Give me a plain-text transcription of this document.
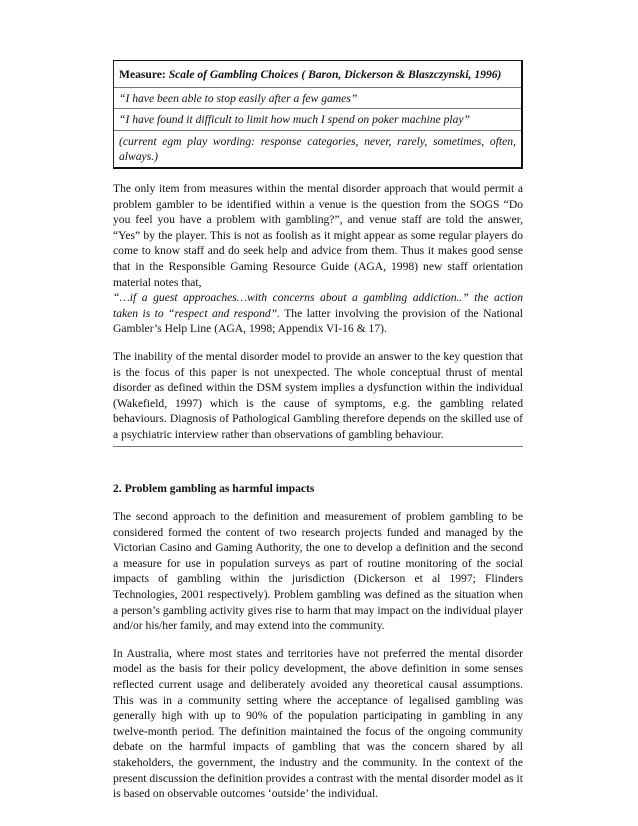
Measure: Scale of Gambling Choices ( Baron, Dickerson & Blaszczynski, 1996)
“I have been able to stop easily after a few games”
“I have found it difficult to limit how much I spend on poker machine play”
(current egm play wording: response categories, never, rarely, sometimes, often, always.)

The only item from measures within the mental disorder approach that would permit a problem gambler to be identified within a venue is the question from the SOGS “Do you feel you have a problem with gambling?”, and venue staff are told the answer, “Yes” by the player. This is not as foolish as it might appear as some regular players do come to know staff and do seek help and advice from them. Thus it makes good sense that in the Responsible Gaming Resource Guide (AGA, 1998) new staff orientation material notes that,
“…if a guest approaches…with concerns about a gambling addiction..” the action taken is to “respect and respond”. The latter involving the provision of the National Gambler’s Help Line (AGA, 1998; Appendix VI-16 & 17).

The inability of the mental disorder model to provide an answer to the key question that is the focus of this paper is not unexpected. The whole conceptual thrust of mental disorder as defined within the DSM system implies a dysfunction within the individual (Wakefield, 1997) which is the cause of symptoms, e.g. the gambling related behaviours. Diagnosis of Pathological Gambling therefore depends on the skilled use of a psychiatric interview rather than observations of gambling behaviour.

2. Problem gambling as harmful impacts

The second approach to the definition and measurement of problem gambling to be considered formed the content of two research projects funded and managed by the Victorian Casino and Gaming Authority, the one to develop a definition and the second a measure for use in population surveys as part of routine monitoring of the social impacts of gambling within the jurisdiction (Dickerson et al 1997; Flinders Technologies, 2001 respectively). Problem gambling was defined as the situation when a person’s gambling activity gives rise to harm that may impact on the individual player and/or his/her family, and may extend into the community.

In Australia, where most states and territories have not preferred the mental disorder model as the basis for their policy development, the above definition in some senses reflected current usage and deliberately avoided any theoretical causal assumptions. This was in a community setting where the acceptance of legalised gambling was generally high with up to 90% of the population participating in gambling in any twelve-month period. The definition maintained the focus of the ongoing community debate on the harmful impacts of gambling that was the concern shared by all stakeholders, the government, the industry and the community. In the context of the present discussion the definition provides a contrast with the mental disorder model as it is based on observable outcomes ‘outside’ the individual.
